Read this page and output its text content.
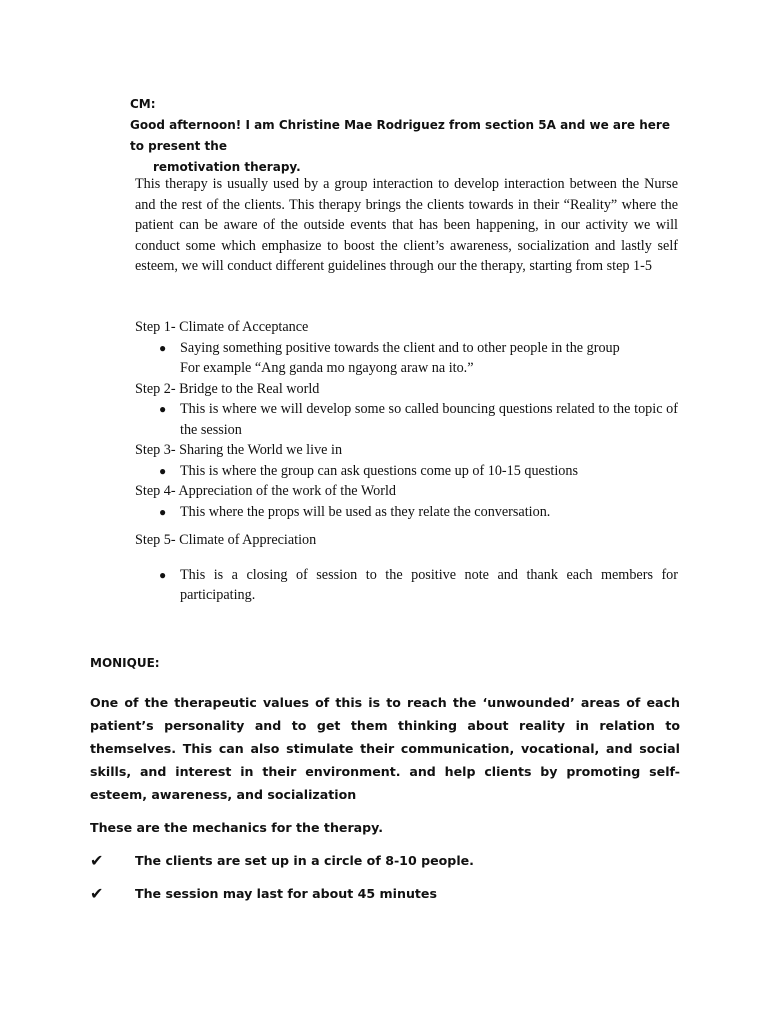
CM:
Good afternoon! I am Christine Mae Rodriguez from section 5A and we are here to present the
remotivation therapy.
This therapy is usually used by a group interaction to develop interaction between the Nurse and the rest of the clients. This therapy brings the clients towards in their “Reality” where the patient can be aware of the outside events that has been happening, in our activity we will conduct some which emphasize to boost the client’s awareness, socialization and lastly self esteem, we will conduct different guidelines through our the therapy, starting from step 1-5
Step 1- Climate of Acceptance
● Saying something positive towards the client and to other people in the group
For example “Ang ganda mo ngayong araw na ito.”
Step 2- Bridge to the Real world
● This is where we will develop some so called bouncing questions related to the topic of the session
Step 3- Sharing the World we live in
● This is where the group can ask questions come up of 10-15 questions
Step 4- Appreciation of the work of the World
● This where the props will be used as they relate the conversation.
Step 5- Climate of Appreciation
● This is a closing of session to the positive note and thank each members for participating.
MONIQUE:
One of the therapeutic values of this is to reach the ‘unwounded’ areas of each patient’s personality and to get them thinking about reality in relation to themselves. This can also stimulate their communication, vocational, and social skills, and interest in their environment. and help clients by promoting self-esteem, awareness, and socialization
These are the mechanics for the therapy.
✔	The clients are set up in a circle of 8-10 people.
✔	The session may last for about 45 minutes
